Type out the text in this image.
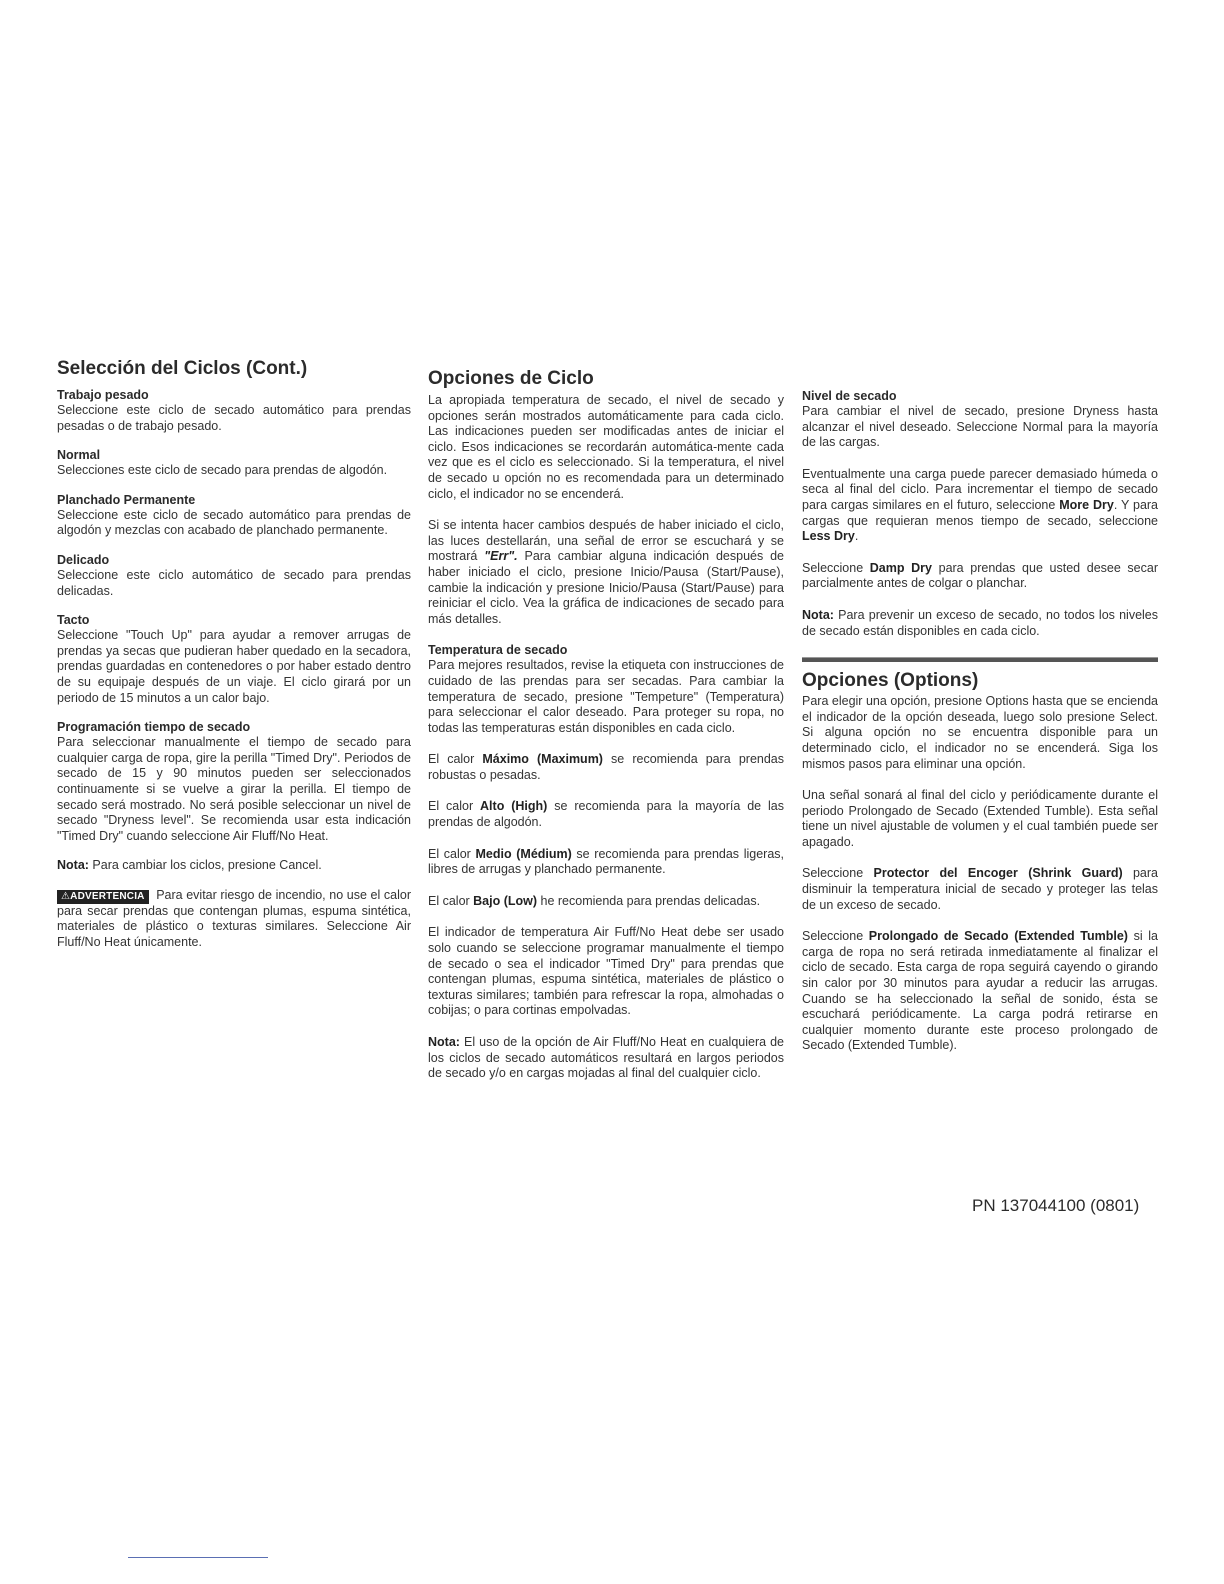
Selección del Ciclos (Cont.)
Trabajo pesado

Seleccione este ciclo de secado automático para prendas pesadas o de trabajo pesado.

Normal

Selecciones este ciclo de secado para prendas de algodón.

Planchado Permanente

Seleccione este ciclo de secado automático para prendas de algodón y mezclas con acabado de planchado permanente.

Delicado

Seleccione este ciclo automático de secado para prendas delicadas.

Tacto

Seleccione "Touch Up" para ayudar a remover arrugas de prendas ya secas que pudieran haber quedado en la secadora, prendas guardadas en contenedores o por haber estado dentro de su equipaje después de un viaje. El ciclo girará por un periodo de 15 minutos a un calor bajo.

Programación tiempo de secado

Para seleccionar manualmente el tiempo de secado para cualquier carga de ropa, gire la perilla "Timed Dry". Periodos de secado de 15 y 90 minutos pueden ser seleccionados continuamente si se vuelve a girar la perilla. El tiempo de secado será mostrado. No será posible seleccionar un nivel de secado "Dryness level". Se recomienda usar esta indicación "Timed Dry" cuando seleccione Air Fluff/No Heat.

Nota: Para cambiar los ciclos, presione Cancel.

⚠ADVERTENCIA Para evitar riesgo de incendio, no use el calor para secar prendas que contengan plumas, espuma sintética, materiales de plástico o texturas similares. Seleccione Air Fluff/No Heat únicamente.

Opciones de Ciclo

La apropiada temperatura de secado, el nivel de secado y opciones serán mostrados automáticamente para cada ciclo. Las indicaciones pueden ser modificadas antes de iniciar el ciclo. Esos indicaciones se recordarán automática-mente cada vez que es el ciclo es seleccionado. Si la temperatura, el nivel de secado u opción no es recomendada para un determinado ciclo, el indicador no se encenderá.

Si se intenta hacer cambios después de haber iniciado el ciclo, las luces destellarán, una señal de error se escuchará y se mostrará "Err". Para cambiar alguna indicación después de haber iniciado el ciclo, presione Inicio/Pausa (Start/Pause), cambie la indicación y presione Inicio/Pausa (Start/Pause) para reiniciar el ciclo. Vea la gráfica de indicaciones de secado para más detalles.

Temperatura de secado

Para mejores resultados, revise la etiqueta con instrucciones de cuidado de las prendas para ser secadas. Para cambiar la temperatura de secado, presione "Tempeture" (Temperatura) para seleccionar el calor deseado. Para proteger su ropa, no todas las temperaturas están disponibles en cada ciclo.

El calor Máximo (Maximum) se recomienda para prendas robustas o pesadas.

El calor Alto (High) se recomienda para la mayoría de las prendas de algodón.

El calor Medio (Médium) se recomienda para prendas ligeras, libres de arrugas y planchado permanente.

El calor Bajo (Low) he recomienda para prendas delicadas.

El indicador de temperatura Air Fuff/No Heat debe ser usado solo cuando se seleccione programar manualmente el tiempo de secado o sea el indicador "Timed Dry" para prendas que contengan plumas, espuma sintética, materiales de plástico o texturas similares; también para refrescar la ropa, almohadas o cobijas; o para cortinas empolvadas.

Nota: El uso de la opción de Air Fluff/No Heat en cualquiera de los ciclos de secado automáticos resultará en largos periodos de secado y/o en cargas mojadas al final del cualquier ciclo.

Nivel de secado

Para cambiar el nivel de secado, presione Dryness hasta alcanzar el nivel deseado. Seleccione Normal para la mayoría de las cargas.

Eventualmente una carga puede parecer demasiado húmeda o seca al final del ciclo. Para incrementar el tiempo de secado para cargas similares en el futuro, seleccione More Dry. Y para cargas que requieran menos tiempo de secado, seleccione Less Dry.

Seleccione Damp Dry para prendas que usted desee secar parcialmente antes de colgar o planchar.

Nota: Para prevenir un exceso de secado, no todos los niveles de secado están disponibles en cada ciclo.

Opciones (Options)

Para elegir una opción, presione Options hasta que se encienda el indicador de la opción deseada, luego solo presione Select. Si alguna opción no se encuentra disponible para un determinado ciclo, el indicador no se encenderá. Siga los mismos pasos para eliminar una opción.

Una señal sonará al final del ciclo y periódicamente durante el periodo Prolongado de Secado (Extended Tumble). Esta señal tiene un nivel ajustable de volumen y el cual también puede ser apagado.

Seleccione Protector del Encoger (Shrink Guard) para disminuir la temperatura inicial de secado y proteger las telas de un exceso de secado.

Seleccione Prolongado de Secado (Extended Tumble) si la carga de ropa no será retirada inmediatamente al finalizar el ciclo de secado. Esta carga de ropa seguirá cayendo o girando sin calor por 30 minutos para ayudar a reducir las arrugas. Cuando se ha seleccionado la señal de sonido, ésta se escuchará periódicamente. La carga podrá retirarse en cualquier momento durante este proceso prolongado de Secado (Extended Tumble).

PN 137044100 (0801)
